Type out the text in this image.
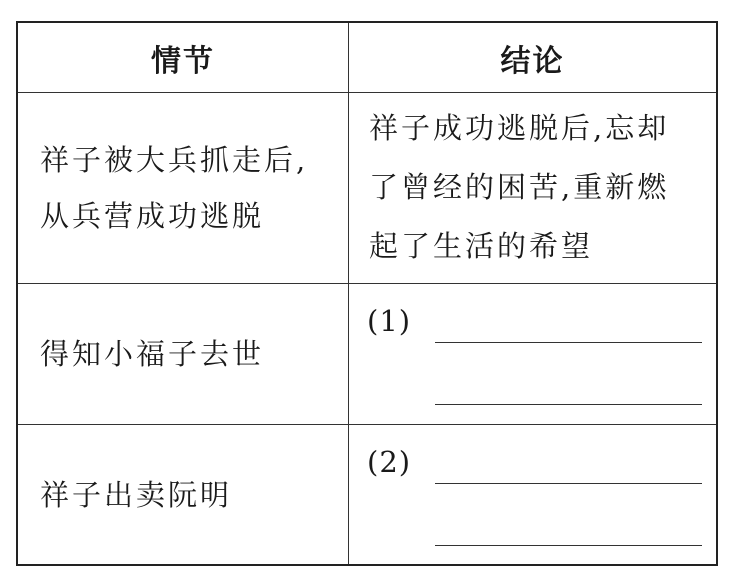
情节	结论
祥子被大兵抓走后,
从兵营成功逃脱
祥子成功逃脱后,忘却
了曾经的困苦,重新燃
起了生活的希望
得知小福子去世
(1)
祥子出卖阮明
(2)
